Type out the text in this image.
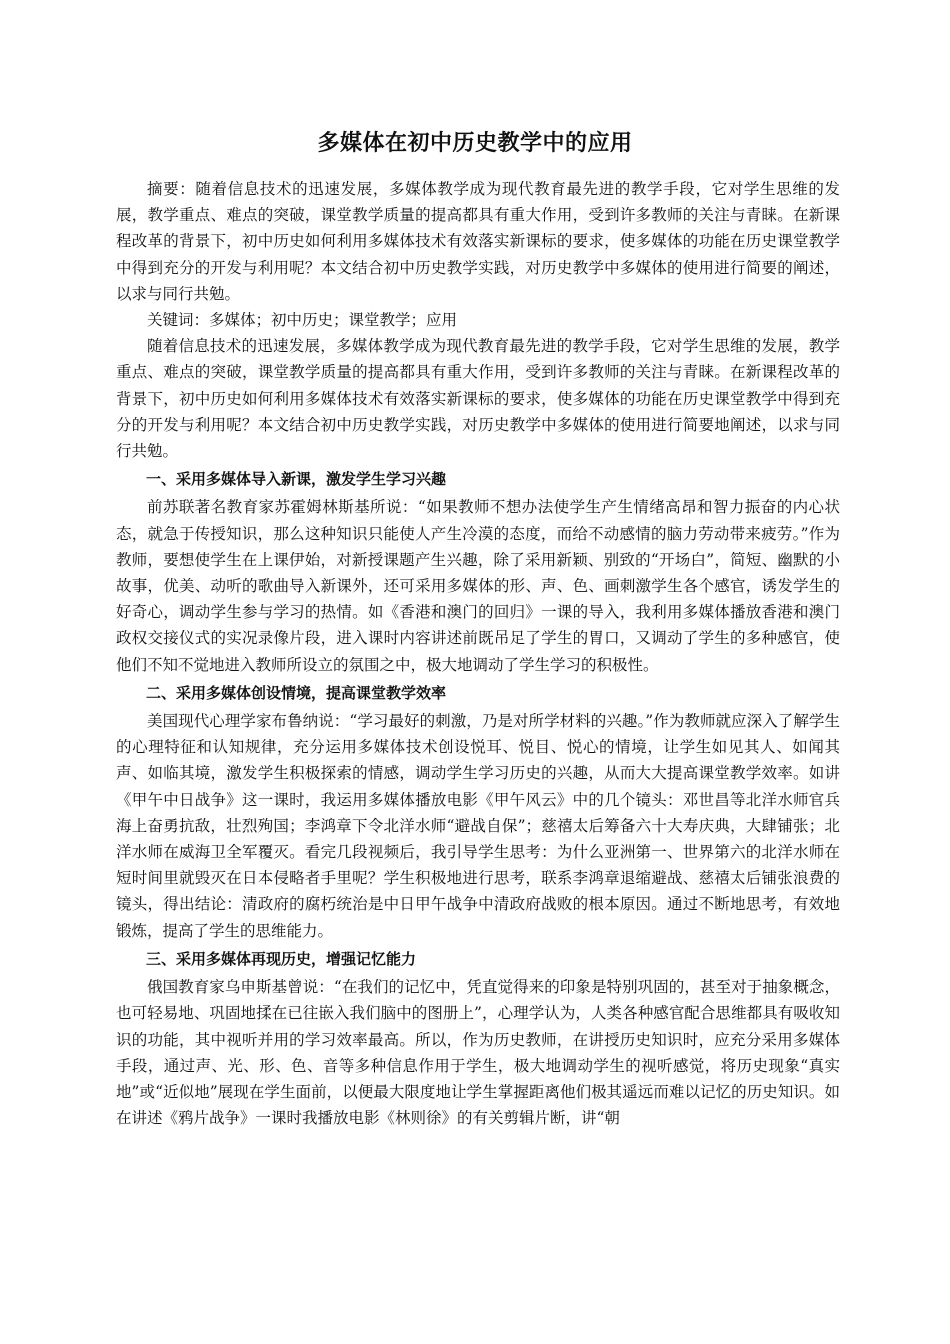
多媒体在初中历史教学中的应用

摘要：随着信息技术的迅速发展，多媒体教学成为现代教育最先进的教学手段，它对学生思维的发展，教学重点、难点的突破，课堂教学质量的提高都具有重大作用，受到许多教师的关注与青睐。在新课程改革的背景下，初中历史如何利用多媒体技术有效落实新课标的要求，使多媒体的功能在历史课堂教学中得到充分的开发与利用呢？本文结合初中历史教学实践，对历史教学中多媒体的使用进行简要的阐述，以求与同行共勉。

关键词：多媒体；初中历史；课堂教学；应用

随着信息技术的迅速发展，多媒体教学成为现代教育最先进的教学手段，它对学生思维的发展，教学重点、难点的突破，课堂教学质量的提高都具有重大作用，受到许多教师的关注与青睐。在新课程改革的背景下，初中历史如何利用多媒体技术有效落实新课标的要求，使多媒体的功能在历史课堂教学中得到充分的开发与利用呢？本文结合初中历史教学实践，对历史教学中多媒体的使用进行简要地阐述，以求与同行共勉。

一、采用多媒体导入新课，激发学生学习兴趣

前苏联著名教育家苏霍姆林斯基所说：“如果教师不想办法使学生产生情绪高昂和智力振奋的内心状态，就急于传授知识，那么这种知识只能使人产生冷漠的态度，而给不动感情的脑力劳动带来疲劳。”作为教师，要想使学生在上课伊始，对新授课题产生兴趣，除了采用新颖、别致的“开场白”，简短、幽默的小故事，优美、动听的歌曲导入新课外，还可采用多媒体的形、声、色、画刺激学生各个感官，诱发学生的好奇心，调动学生参与学习的热情。如《香港和澳门的回归》一课的导入，我利用多媒体播放香港和澳门政权交接仪式的实况录像片段，进入课时内容讲述前既吊足了学生的胃口，又调动了学生的多种感官，使他们不知不觉地进入教师所设立的氛围之中，极大地调动了学生学习的积极性。

二、采用多媒体创设情境，提高课堂教学效率

美国现代心理学家布鲁纳说：“学习最好的刺激，乃是对所学材料的兴趣。”作为教师就应深入了解学生的心理特征和认知规律，充分运用多媒体技术创设悦耳、悦目、悦心的情境，让学生如见其人、如闻其声、如临其境，激发学生积极探索的情感，调动学生学习历史的兴趣，从而大大提高课堂教学效率。如讲《甲午中日战争》这一课时，我运用多媒体播放电影《甲午风云》中的几个镜头：邓世昌等北洋水师官兵海上奋勇抗敌，壮烈殉国；李鸿章下令北洋水师“避战自保”；慈禧太后筹备六十大寿庆典，大肆铺张；北洋水师在威海卫全军覆灭。看完几段视频后，我引导学生思考：为什么亚洲第一、世界第六的北洋水师在短时间里就毁灭在日本侵略者手里呢？学生积极地进行思考，联系李鸿章退缩避战、慈禧太后铺张浪费的镜头，得出结论：清政府的腐朽统治是中日甲午战争中清政府战败的根本原因。通过不断地思考，有效地锻炼，提高了学生的思维能力。

三、采用多媒体再现历史，增强记忆能力

俄国教育家乌申斯基曾说：“在我们的记忆中，凭直觉得来的印象是特别巩固的，甚至对于抽象概念，也可轻易地、巩固地揉在已往嵌入我们脑中的图册上”，心理学认为，人类各种感官配合思维都具有吸收知识的功能，其中视听并用的学习效率最高。所以，作为历史教师，在讲授历史知识时，应充分采用多媒体手段，通过声、光、形、色、音等多种信息作用于学生，极大地调动学生的视听感觉，将历史现象“真实地”或“近似地”展现在学生面前，以便最大限度地让学生掌握距离他们极其遥远而难以记忆的历史知识。如在讲述《鸦片战争》一课时我播放电影《林则徐》的有关剪辑片断，讲“朝
